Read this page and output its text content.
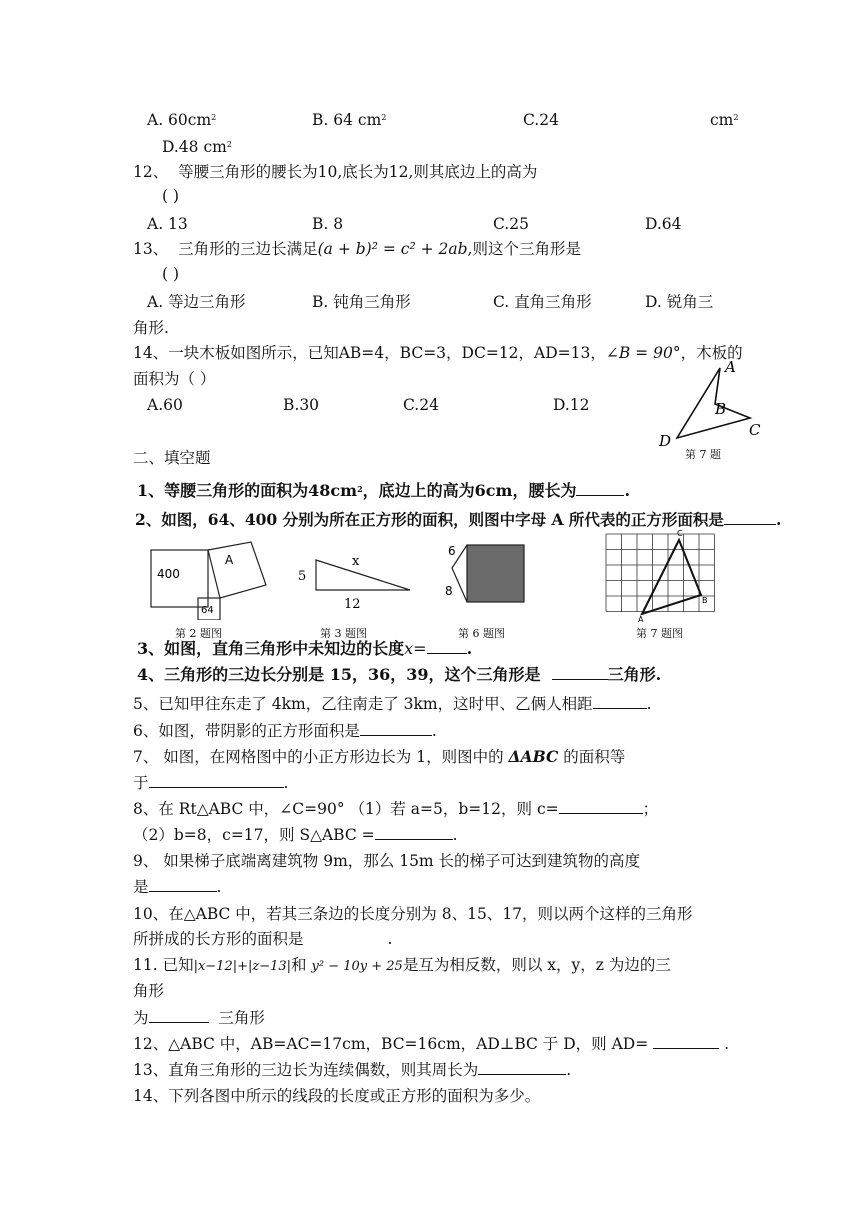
A. $60cm^2$	B. 64 $cm^2$	C.24	$cm^2$
D.48 $cm^2$
12、 等腰三角形的腰长为10,底长为12,则其底边上的高为
( )
A. 13	B. 8	C.25	D.64
13、 三角形的三边长满足(a + b)² = c² + 2ab,则这个三角形是
( )
A. 等边三角形	B. 钝角三角形	C. 直角三角形	D. 锐角三
角形.
14、一块木板如图所示，已知AB=4，BC=3，DC=12，AD=13，∠B = 90°，木板的
面积为（ ）
A.60	B.30	C.24	D.12
A
B
C
D
第 7 题
二、填空题
1、等腰三角形的面积为$48cm^2$，底边上的高为6cm，腰长为	.
2、如图，64、400 分别为所在正方形的面积，则图中字母 A 所代表的正方形面积是	.
400
64
A
第 2 题图
5
x
12
第 3 题图
6
8
第 6 题图
C
B
A
第 7 题图
3、如图，直角三角形中未知边的长度x=	.
4、三角形的三边长分别是 15，36，39，这个三角形是	三角形.
5、已知甲往东走了 4km，乙往南走了 3km，这时甲、乙俩人相距	.
6、如图，带阴影的正方形面积是	.
7、 如图，在网格图中的小正方形边长为 1，则图中的 ΔABC 的面积等
于	.
8、在 Rt△ABC 中，∠C=90° （1）若 a=5，b=12，则 c=	；
（2）b=8，c=17，则 S△ABC =	.
9、 如果梯子底端离建筑物 9m，那么 15m 长的梯子可达到建筑物的高度
是	.
10、在△ABC 中，若其三条边的长度分别为 8、15、17，则以两个这样的三角形
所拼成的长方形的面积是	.
11. 已知|x−12|+|z−13|和 y² − 10y + 25是互为相反数，则以 x，y，z 为边的三
角形
为	三角形
12、△ABC 中，AB=AC=17cm，BC=16cm，AD⊥BC 于 D，则 AD=	.
13、直角三角形的三边长为连续偶数，则其周长为	.
14、下列各图中所示的线段的长度或正方形的面积为多少。
